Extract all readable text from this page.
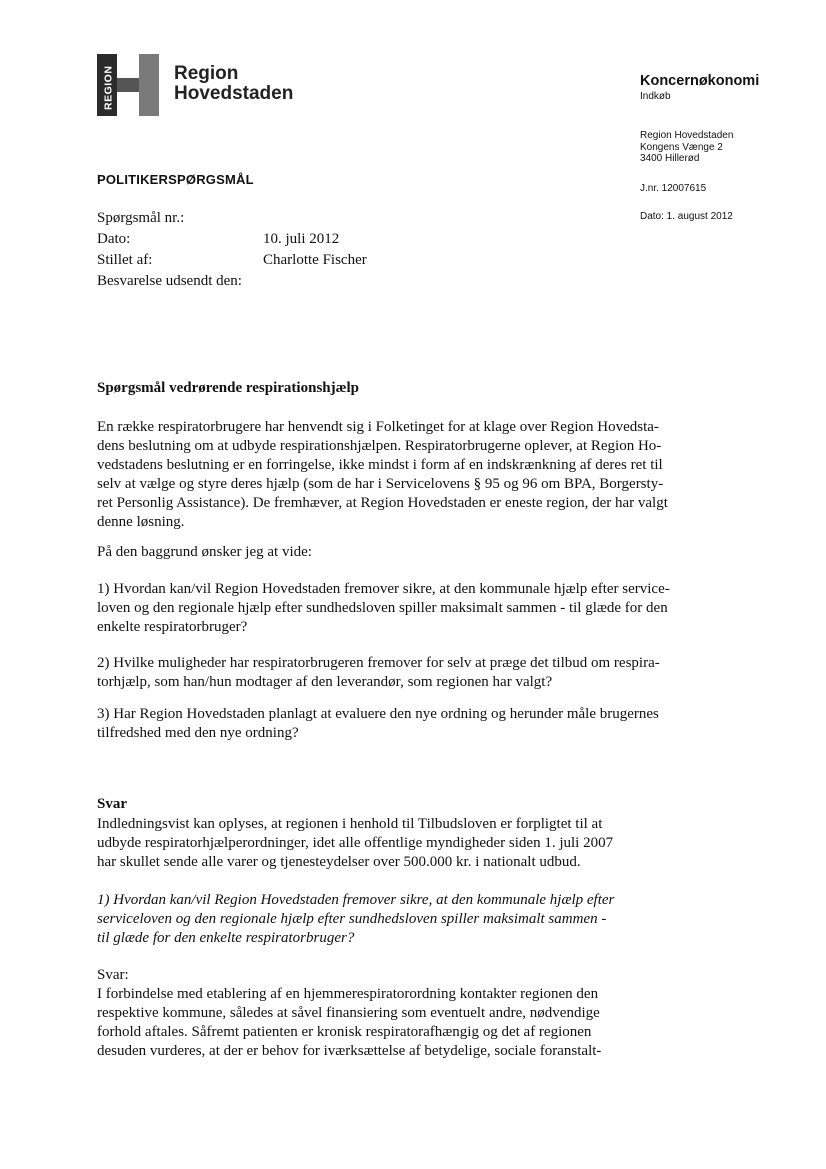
REGION	Region
Hovedstaden
Koncernøkonomi
Indkøb
Region Hovedstaden
Kongens Vænge 2
3400 Hillerød
J.nr. 12007615
Dato: 1. august 2012
POLITIKERSPØRGSMÅL
Spørgsmål nr.:
Dato:	10. juli 2012
Stillet af:	Charlotte Fischer
Besvarelse udsendt den:
Spørgsmål vedrørende respirationshjælp

En række respiratorbrugere har henvendt sig i Folketinget for at klage over Region Hovedsta-
dens beslutning om at udbyde respirationshjælpen. Respiratorbrugerne oplever, at Region Ho-
vedstadens beslutning er en forringelse, ikke mindst i form af en indskrænkning af deres ret til
selv at vælge og styre deres hjælp (som de har i Servicelovens § 95 og 96 om BPA, Borgersty-
ret Personlig Assistance). De fremhæver, at Region Hovedstaden er eneste region, der har valgt
denne løsning.

På den baggrund ønsker jeg at vide:

1) Hvordan kan/vil Region Hovedstaden fremover sikre, at den kommunale hjælp efter service-
loven og den regionale hjælp efter sundhedsloven spiller maksimalt sammen - til glæde for den
enkelte respiratorbruger?

2) Hvilke muligheder har respiratorbrugeren fremover for selv at præge det tilbud om respira-
torhjælp, som han/hun modtager af den leverandør, som regionen har valgt?

3) Har Region Hovedstaden planlagt at evaluere den nye ordning og herunder måle brugernes
tilfredshed med den nye ordning?

Svar

Indledningsvist kan oplyses, at regionen i henhold til Tilbudsloven er forpligtet til at
udbyde respiratorhjælperordninger, idet alle offentlige myndigheder siden 1. juli 2007
har skullet sende alle varer og tjenesteydelser over 500.000 kr. i nationalt udbud.

1) Hvordan kan/vil Region Hovedstaden fremover sikre, at den kommunale hjælp efter
serviceloven og den regionale hjælp efter sundhedsloven spiller maksimalt sammen -
til glæde for den enkelte respiratorbruger?

Svar:

I forbindelse med etablering af en hjemmerespiratorordning kontakter regionen den
respektive kommune, således at såvel finansiering som eventuelt andre, nødvendige
forhold aftales. Såfremt patienten er kronisk respiratorafhængig og det af regionen
desuden vurderes, at der er behov for iværksættelse af betydelige, sociale foranstalt-
